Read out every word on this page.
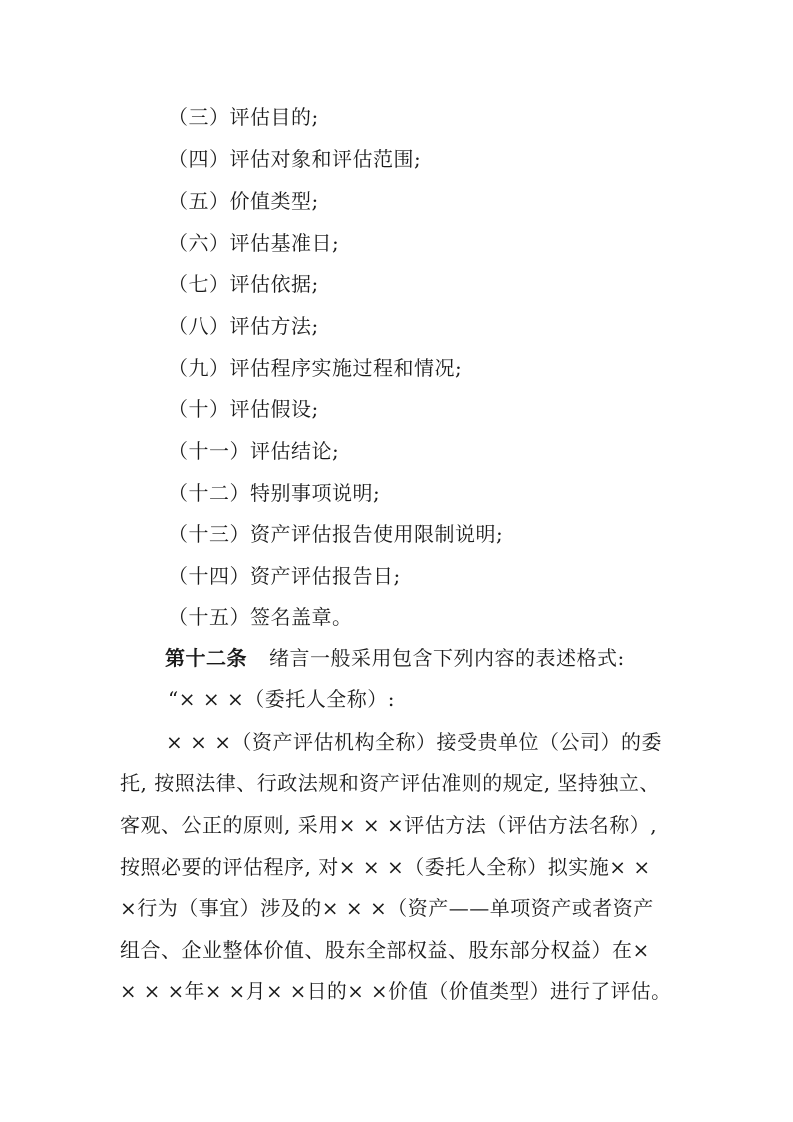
（三）评估目的;
（四）评估对象和评估范围;
（五）价值类型;
（六）评估基准日;
（七）评估依据;
（八）评估方法;
（九）评估程序实施过程和情况;
（十）评估假设;
（十一）评估结论;
（十二）特别事项说明;
（十三）资产评估报告使用限制说明;
（十四）资产评估报告日;
（十五）签名盖章。
第十二条 绪言一般采用包含下列内容的表述格式:
“× × ×（委托人全称）:
× × ×（资产评估机构全称）接受贵单位（公司）的委
托, 按照法律、行政法规和资产评估准则的规定, 坚持独立、
客观、公正的原则, 采用× × ×评估方法（评估方法名称）,
按照必要的评估程序, 对× × ×（委托人全称）拟实施× ×
×行为（事宜）涉及的× × ×（资产——单项资产或者资产
组合、企业整体价值、股东全部权益、股东部分权益）在×
× × ×年× ×月× ×日的× ×价值（价值类型）进行了评估。
